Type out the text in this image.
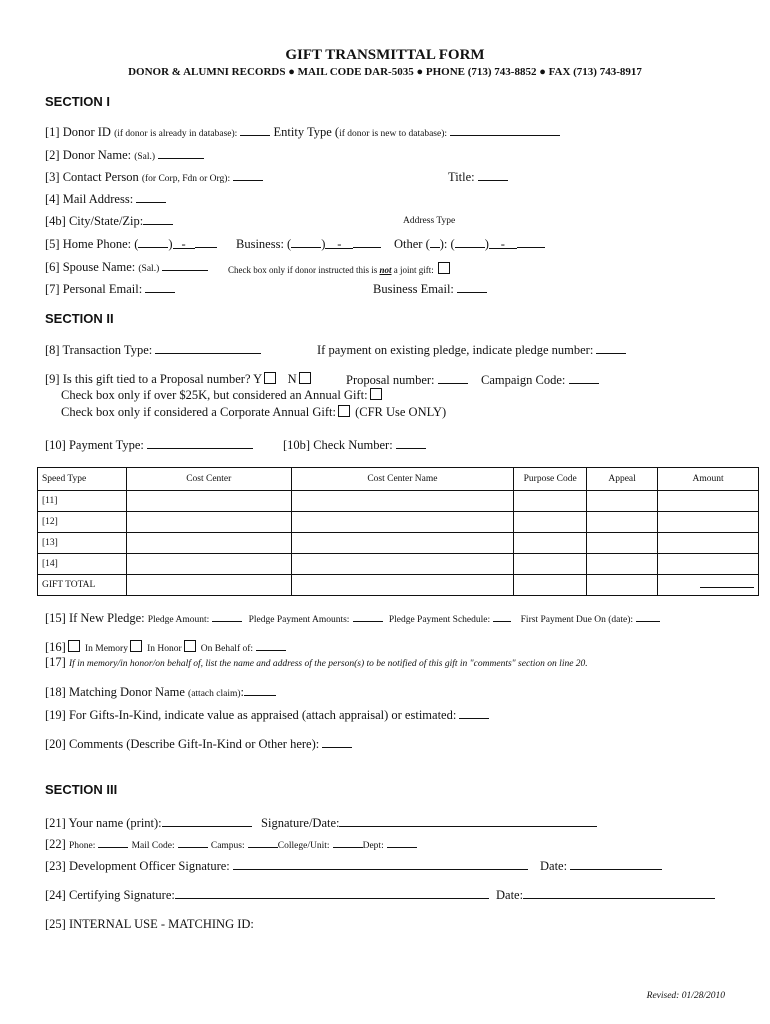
GIFT TRANSMITTAL FORM
DONOR & ALUMNI RECORDS ● MAIL CODE DAR-5035 ● PHONE (713) 743-8852 ● FAX (713) 743-8917
SECTION I
[1] Donor ID (if donor is already in database):	Entity Type (if donor is new to database):
[2] Donor Name: (Sal.)
[3] Contact Person (for Corp, Fdn or Org):	Title:
[4] Mail Address:
[4b] City/State/Zip:	Address Type
[5] Home Phone: ( ) -	Business: ( ) -	Other ( ): ( ) -
[6] Spouse Name: (Sal.)	Check box only if donor instructed this is not a joint gift:
[7] Personal Email:	Business Email:
SECTION II
[8] Transaction Type:	If payment on existing pledge, indicate pledge number:
[9] Is this gift tied to a Proposal number? Y N	Proposal number:	Campaign Code:
Check box only if over $25K, but considered an Annual Gift:
Check box only if considered a Corporate Annual Gift: (CFR Use ONLY)
[10] Payment Type:	[10b] Check Number:
Speed Type	Cost Center	Cost Center Name	Purpose Code	Appeal	Amount
[11]					
[12]					
[13]					
[14]					
GIFT TOTAL					
[15] If New Pledge: Pledge Amount:	Pledge Payment Amounts:	Pledge Payment Schedule:	First Payment Due On (date):
[16] In Memory In Honor On Behalf of:
[17] If in memory/in honor/on behalf of, list the name and address of the person(s) to be notified of this gift in "comments" section on line 20.
[18] Matching Donor Name (attach claim):
[19] For Gifts-In-Kind, indicate value as appraised (attach appraisal) or estimated:
[20] Comments (Describe Gift-In-Kind or Other here):
SECTION III
[21] Your name (print):	Signature/Date:
[22] Phone:	Mail Code:	Campus:	College/Unit:	Dept:
[23] Development Officer Signature:	Date:
[24] Certifying Signature:	Date:
[25] INTERNAL USE - MATCHING ID:
Revised: 01/28/2010
